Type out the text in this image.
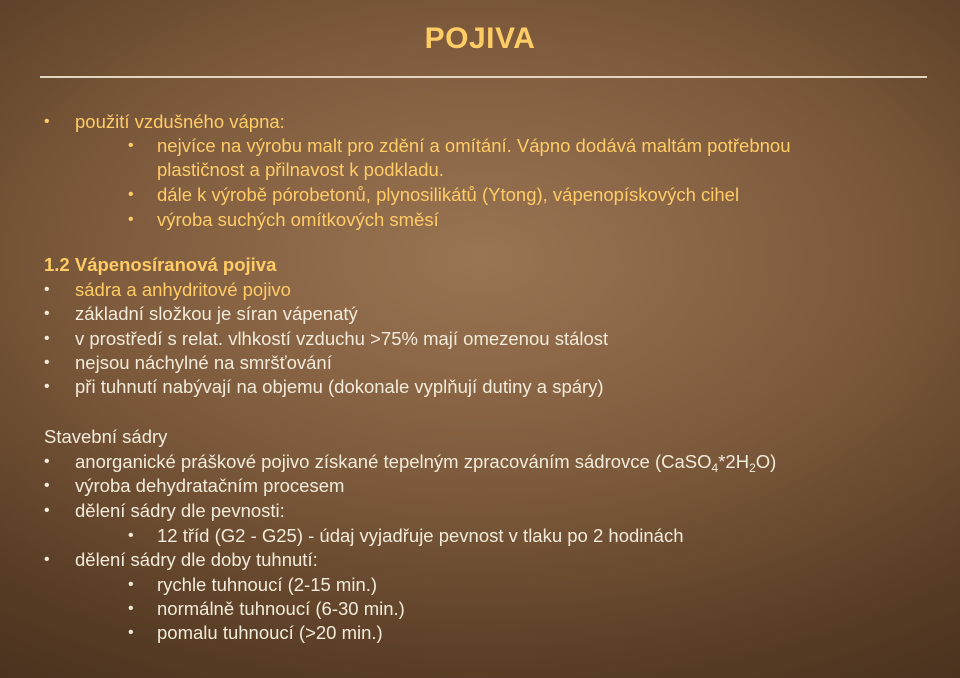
POJIVA
• použití vzdušného vápna:
• nejvíce na výrobu malt pro zdění a omítání. Vápno dodává maltám potřebnou
plastičnost a přilnavost k podkladu.
• dále k výrobě pórobetonů, plynosilikátů (Ytong), vápenopískových cihel
• výroba suchých omítkových směsí
1.2 Vápenosíranová pojiva
• sádra a anhydritové pojivo
• základní složkou je síran vápenatý
• v prostředí s relat. vlhkostí vzduchu >75% mají omezenou stálost
• nejsou náchylné na smršťování
• při tuhnutí nabývají na objemu (dokonale vyplňují dutiny a spáry)
Stavební sádry
• anorganické práškové pojivo získané tepelným zpracováním sádrovce $(CaSO_4*2H_2O)$
• výroba dehydratačním procesem
• dělení sádry dle pevnosti:
• 12 tříd (G2 - G25) - údaj vyjadřuje pevnost v tlaku po 2 hodinách
• dělení sádry dle doby tuhnutí:
• rychle tuhnoucí (2-15 min.)
• normálně tuhnoucí (6-30 min.)
• pomalu tuhnoucí (>20 min.)
